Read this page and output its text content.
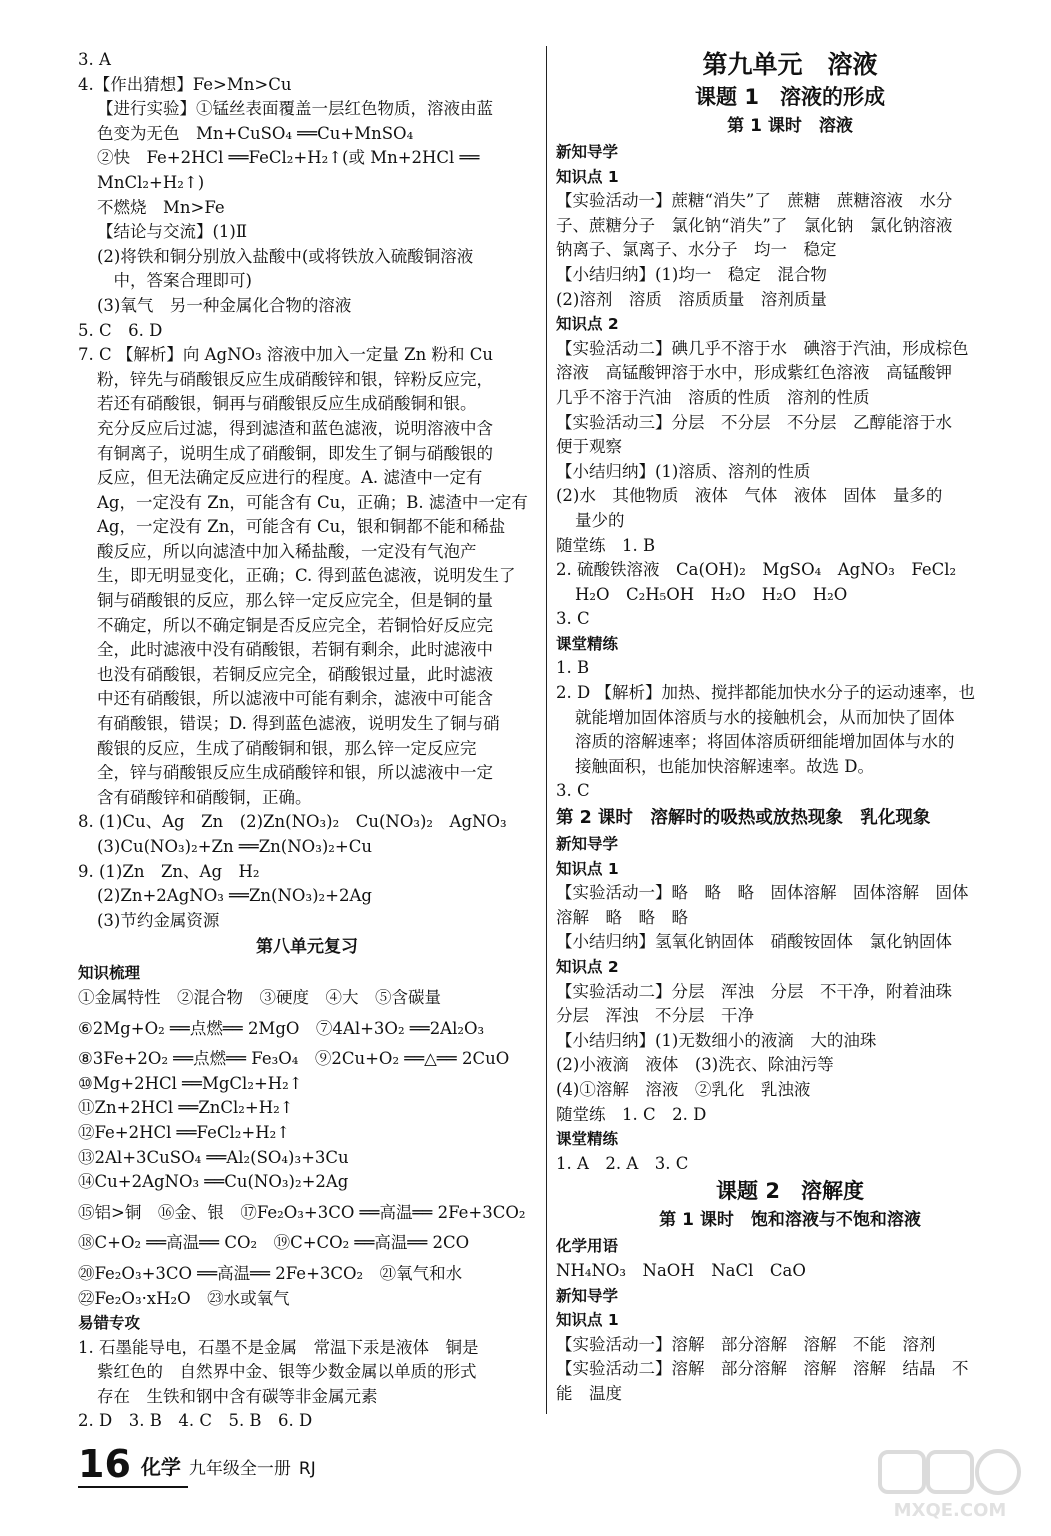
3. A
4.【作出猜想】Fe>Mn>Cu
【进行实验】①锰丝表面覆盖一层红色物质，溶液由蓝
色变为无色　Mn+CuSO₄ ══Cu+MnSO₄
②快　Fe+2HCl ══FeCl₂+H₂↑(或 Mn+2HCl ══
MnCl₂+H₂↑)
不燃烧　Mn>Fe
【结论与交流】(1)Ⅱ
(2)将铁和铜分别放入盐酸中(或将铁放入硫酸铜溶液
　中，答案合理即可)
(3)氧气　另一种金属化合物的溶液
5. C　6. D
7. C 【解析】向 AgNO₃ 溶液中加入一定量 Zn 粉和 Cu
粉，锌先与硝酸银反应生成硝酸锌和银，锌粉反应完，
若还有硝酸银，铜再与硝酸银反应生成硝酸铜和银。
充分反应后过滤，得到滤渣和蓝色滤液，说明溶液中含
有铜离子，说明生成了硝酸铜，即发生了铜与硝酸银的
反应，但无法确定反应进行的程度。A. 滤渣中一定有
Ag，一定没有 Zn，可能含有 Cu，正确；B. 滤渣中一定有
Ag，一定没有 Zn，可能含有 Cu，银和铜都不能和稀盐
酸反应，所以向滤渣中加入稀盐酸，一定没有气泡产
生，即无明显变化，正确；C. 得到蓝色滤液，说明发生了
铜与硝酸银的反应，那么锌一定反应完全，但是铜的量
不确定，所以不确定铜是否反应完全，若铜恰好反应完
全，此时滤液中没有硝酸银，若铜有剩余，此时滤液中
也没有硝酸银，若铜反应完全，硝酸银过量，此时滤液
中还有硝酸银，所以滤液中可能有剩余，滤液中可能含
有硝酸银，错误；D. 得到蓝色滤液，说明发生了铜与硝
酸银的反应，生成了硝酸铜和银，那么锌一定反应完
全，锌与硝酸银反应生成硝酸锌和银，所以滤液中一定
含有硝酸锌和硝酸铜，正确。
8. (1)Cu、Ag　Zn　(2)Zn(NO₃)₂　Cu(NO₃)₂　AgNO₃
(3)Cu(NO₃)₂+Zn ══Zn(NO₃)₂+Cu
9. (1)Zn　Zn、Ag　H₂
(2)Zn+2AgNO₃ ══Zn(NO₃)₂+2Ag
(3)节约金属资源
第八单元复习
知识梳理
①金属特性　②混合物　③硬度　④大　⑤含碳量
⑥2Mg+O₂ ══点燃══ 2MgO　⑦4Al+3O₂ ══2Al₂O₃
⑧3Fe+2O₂ ══点燃══ Fe₃O₄　⑨2Cu+O₂ ══△══ 2CuO
⑩Mg+2HCl ══MgCl₂+H₂↑
⑪Zn+2HCl ══ZnCl₂+H₂↑
⑫Fe+2HCl ══FeCl₂+H₂↑
⑬2Al+3CuSO₄ ══Al₂(SO₄)₃+3Cu
⑭Cu+2AgNO₃ ══Cu(NO₃)₂+2Ag
⑮铝>铜　⑯金、银　⑰Fe₂O₃+3CO ══高温══ 2Fe+3CO₂
⑱C+O₂ ══高温══ CO₂　⑲C+CO₂ ══高温══ 2CO
⑳Fe₂O₃+3CO ══高温══ 2Fe+3CO₂　㉑氧气和水
㉒Fe₂O₃·xH₂O　㉓水或氧气
易错专攻
1. 石墨能导电，石墨不是金属　常温下汞是液体　铜是
紫红色的　自然界中金、银等少数金属以单质的形式
存在　生铁和钢中含有碳等非金属元素
2. D　3. B　4. C　5. B　6. D
第九单元　溶液
课题 1　溶液的形成
第 1 课时　溶液
新知导学
知识点 1
【实验活动一】蔗糖“消失”了　蔗糖　蔗糖溶液　水分
子、蔗糖分子　氯化钠“消失”了　氯化钠　氯化钠溶液
钠离子、氯离子、水分子　均一　稳定
【小结归纳】(1)均一　稳定　混合物
(2)溶剂　溶质　溶质质量　溶剂质量
知识点 2
【实验活动二】碘几乎不溶于水　碘溶于汽油，形成棕色
溶液　高锰酸钾溶于水中，形成紫红色溶液　高锰酸钾
几乎不溶于汽油　溶质的性质　溶剂的性质
【实验活动三】分层　不分层　不分层　乙醇能溶于水
便于观察
【小结归纳】(1)溶质、溶剂的性质
(2)水　其他物质　液体　气体　液体　固体　量多的
量少的
随堂练　1. B
2. 硫酸铁溶液　Ca(OH)₂　MgSO₄　AgNO₃　FeCl₂
H₂O　C₂H₅OH　H₂O　H₂O　H₂O
3. C
课堂精练
1. B
2. D 【解析】加热、搅拌都能加快水分子的运动速率，也
就能增加固体溶质与水的接触机会，从而加快了固体
溶质的溶解速率；将固体溶质研细能增加固体与水的
接触面积，也能加快溶解速率。故选 D。
3. C
第 2 课时　溶解时的吸热或放热现象　乳化现象
新知导学
知识点 1
【实验活动一】略　略　略　固体溶解　固体溶解　固体
溶解　略　略　略
【小结归纳】氢氧化钠固体　硝酸铵固体　氯化钠固体
知识点 2
【实验活动二】分层　浑浊　分层　不干净，附着油珠
分层　浑浊　不分层　干净
【小结归纳】(1)无数细小的液滴　大的油珠
(2)小液滴　液体　(3)洗衣、除油污等
(4)①溶解　溶液　②乳化　乳浊液
随堂练　1. C　2. D
课堂精练
1. A　2. A　3. C
课题 2　溶解度
第 1 课时　饱和溶液与不饱和溶液
化学用语
NH₄NO₃　NaOH　NaCl　CaO
新知导学
知识点 1
【实验活动一】溶解　部分溶解　溶解　不能　溶剂
【实验活动二】溶解　部分溶解　溶解　溶解　结晶　不
能　温度
16 化学 九年级全一册 RJ
MXQE.COM
